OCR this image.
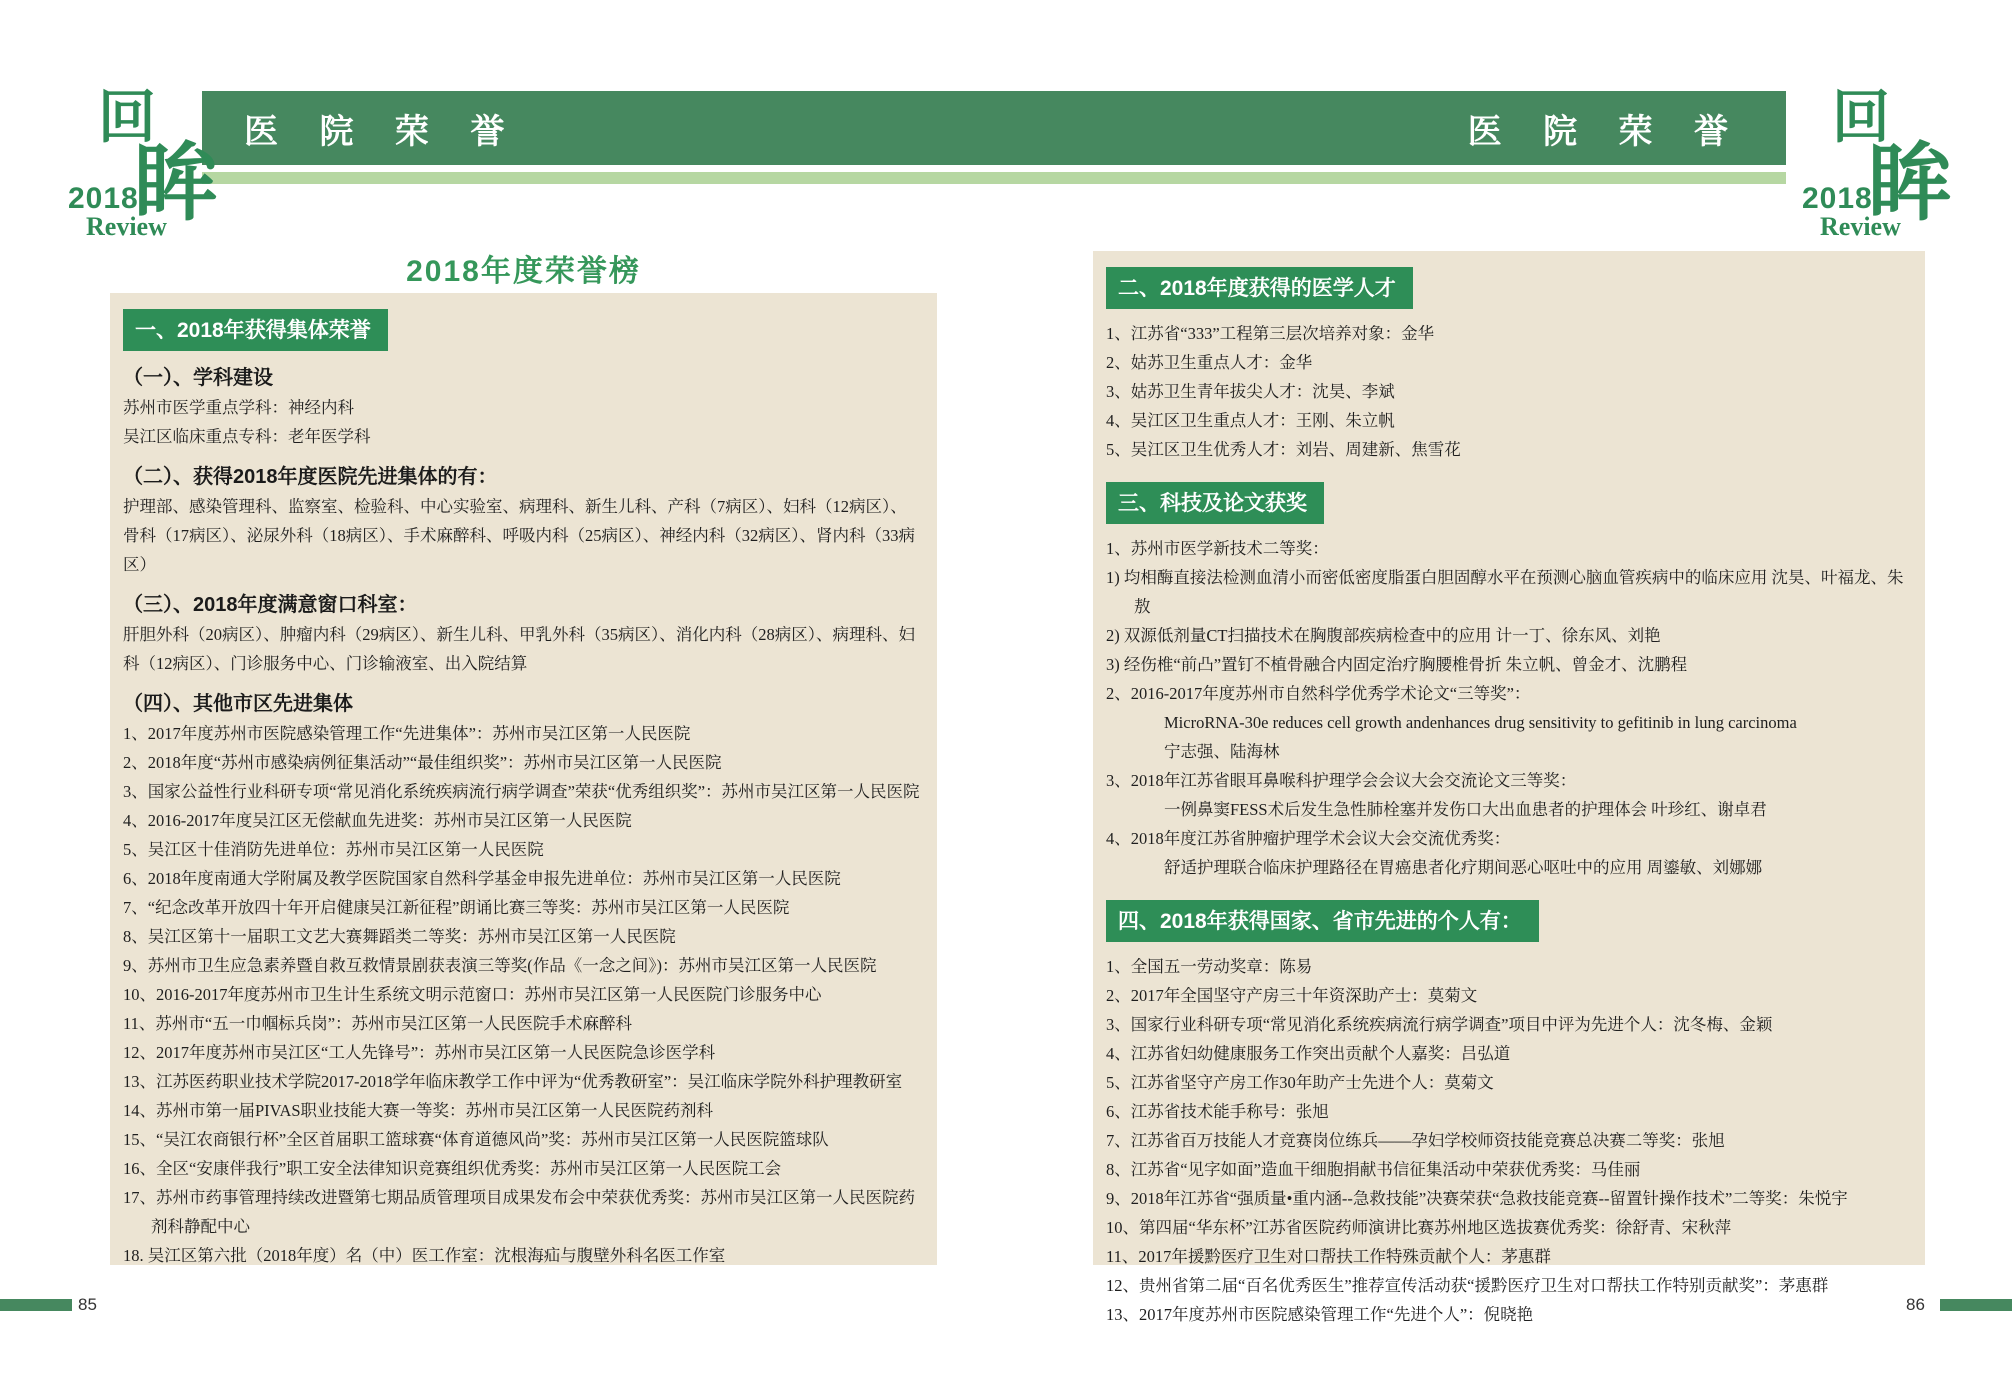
医 院 荣 誉	医 院 荣 誉
回
眸
2018
Review
回
眸
2018
Review
2018年度荣誉榜
一、2018年获得集体荣誉
（一）、学科建设
苏州市医学重点学科：神经内科
吴江区临床重点专科：老年医学科
（二）、获得2018年度医院先进集体的有：
护理部、感染管理科、监察室、检验科、中心实验室、病理科、新生儿科、产科（7病区）、妇科（12病区）、骨科（17病区）、泌尿外科（18病区）、手术麻醉科、呼吸内科（25病区）、神经内科（32病区）、肾内科（33病区）
（三）、2018年度满意窗口科室：
肝胆外科（20病区）、肿瘤内科（29病区）、新生儿科、甲乳外科（35病区）、消化内科（28病区）、病理科、妇科（12病区）、门诊服务中心、门诊输液室、出入院结算
（四）、其他市区先进集体
1、2017年度苏州市医院感染管理工作“先进集体”：苏州市吴江区第一人民医院
2、2018年度“苏州市感染病例征集活动”“最佳组织奖”：苏州市吴江区第一人民医院
3、国家公益性行业科研专项“常见消化系统疾病流行病学调查”荣获“优秀组织奖”：苏州市吴江区第一人民医院
4、2016-2017年度吴江区无偿献血先进奖：苏州市吴江区第一人民医院
5、吴江区十佳消防先进单位：苏州市吴江区第一人民医院
6、2018年度南通大学附属及教学医院国家自然科学基金申报先进单位：苏州市吴江区第一人民医院
7、“纪念改革开放四十年开启健康吴江新征程”朗诵比赛三等奖：苏州市吴江区第一人民医院
8、吴江区第十一届职工文艺大赛舞蹈类二等奖：苏州市吴江区第一人民医院
9、苏州市卫生应急素养暨自救互救情景剧获表演三等奖(作品《一念之间》)：苏州市吴江区第一人民医院
10、2016-2017年度苏州市卫生计生系统文明示范窗口：苏州市吴江区第一人民医院门诊服务中心
11、苏州市“五一巾帼标兵岗”：苏州市吴江区第一人民医院手术麻醉科
12、2017年度苏州市吴江区“工人先锋号”：苏州市吴江区第一人民医院急诊医学科
13、江苏医药职业技术学院2017-2018学年临床教学工作中评为“优秀教研室”：吴江临床学院外科护理教研室
14、苏州市第一届PIVAS职业技能大赛一等奖：苏州市吴江区第一人民医院药剂科
15、“吴江农商银行杯”全区首届职工篮球赛“体育道德风尚”奖：苏州市吴江区第一人民医院篮球队
16、全区“安康伴我行”职工安全法律知识竞赛组织优秀奖：苏州市吴江区第一人民医院工会
17、苏州市药事管理持续改进暨第七期品质管理项目成果发布会中荣获优秀奖：苏州市吴江区第一人民医院药剂科静配中心
18. 吴江区第六批（2018年度）名（中）医工作室：沈根海疝与腹壁外科名医工作室
二、2018年度获得的医学人才
1、江苏省“333”工程第三层次培养对象：金华
2、姑苏卫生重点人才：金华
3、姑苏卫生青年拔尖人才：沈昊、李斌
4、吴江区卫生重点人才：王刚、朱立帆
5、吴江区卫生优秀人才：刘岩、周建新、焦雪花
三、科技及论文获奖
1、苏州市医学新技术二等奖：
1) 均相酶直接法检测血清小而密低密度脂蛋白胆固醇水平在预测心脑血管疾病中的临床应用 沈昊、叶福龙、朱敖
2) 双源低剂量CT扫描技术在胸腹部疾病检查中的应用 计一丁、徐东风、刘艳
3) 经伤椎“前凸”置钉不植骨融合内固定治疗胸腰椎骨折 朱立帆、曾金才、沈鹏程
2、2016-2017年度苏州市自然科学优秀学术论文“三等奖”：
MicroRNA-30e reduces cell growth andenhances drug sensitivity to gefitinib in lung carcinoma
宁志强、陆海林
3、2018年江苏省眼耳鼻喉科护理学会会议大会交流论文三等奖：
一例鼻窦FESS术后发生急性肺栓塞并发伤口大出血患者的护理体会 叶珍红、谢卓君
4、2018年度江苏省肿瘤护理学术会议大会交流优秀奖：
舒适护理联合临床护理路径在胃癌患者化疗期间恶心呕吐中的应用 周鎏敏、刘娜娜
四、2018年获得国家、省市先进的个人有：
1、全国五一劳动奖章：陈易
2、2017年全国坚守产房三十年资深助产士：莫菊文
3、国家行业科研专项“常见消化系统疾病流行病学调查”项目中评为先进个人：沈冬梅、金颖
4、江苏省妇幼健康服务工作突出贡献个人嘉奖：吕弘道
5、江苏省坚守产房工作30年助产士先进个人：莫菊文
6、江苏省技术能手称号：张旭
7、江苏省百万技能人才竞赛岗位练兵——孕妇学校师资技能竞赛总决赛二等奖：张旭
8、江苏省“见字如面”造血干细胞捐献书信征集活动中荣获优秀奖：马佳丽
9、2018年江苏省“强质量•重内涵--急救技能”决赛荣获“急救技能竞赛--留置针操作技术”二等奖：朱悦宇
10、第四届“华东杯”江苏省医院药师演讲比赛苏州地区选拔赛优秀奖：徐舒青、宋秋萍
11、2017年援黔医疗卫生对口帮扶工作特殊贡献个人：茅惠群
12、贵州省第二届“百名优秀医生”推荐宣传活动获“援黔医疗卫生对口帮扶工作特别贡献奖”：茅惠群
13、2017年度苏州市医院感染管理工作“先进个人”：倪晓艳
85	86
